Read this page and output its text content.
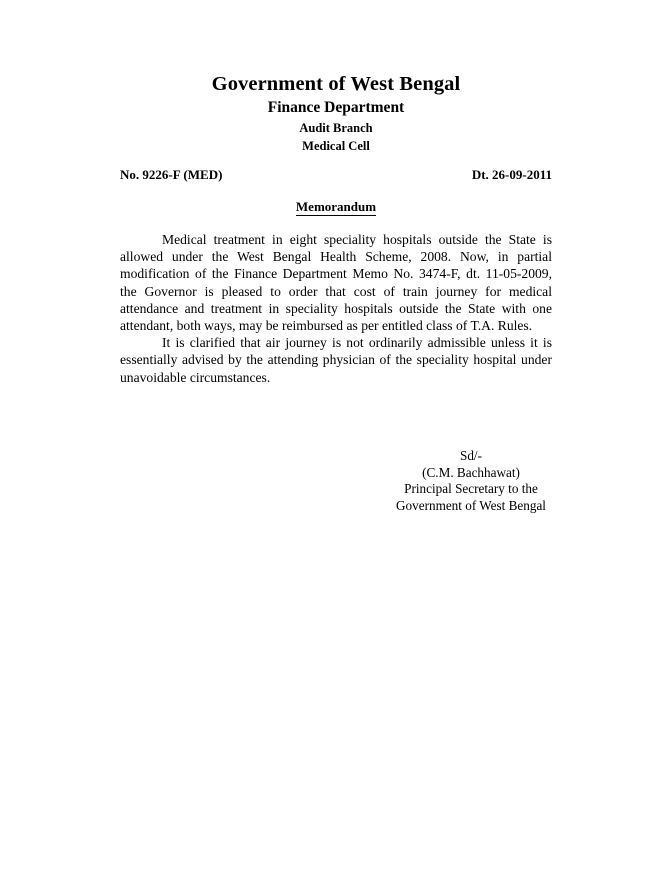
Government of West Bengal
Finance Department
Audit Branch
Medical Cell
No. 9226-F (MED)	Dt. 26-09-2011
Memorandum

Medical treatment in eight speciality hospitals outside the State is allowed under the West Bengal Health Scheme, 2008. Now, in partial modification of the Finance Department Memo No. 3474-F, dt. 11-05-2009, the Governor is pleased to order that cost of train journey for medical attendance and treatment in speciality hospitals outside the State with one attendant, both ways, may be reimbursed as per entitled class of T.A. Rules.

It is clarified that air journey is not ordinarily admissible unless it is essentially advised by the attending physician of the speciality hospital under unavoidable circumstances.

Sd/-
(C.M. Bachhawat)
Principal Secretary to the
Government of West Bengal
